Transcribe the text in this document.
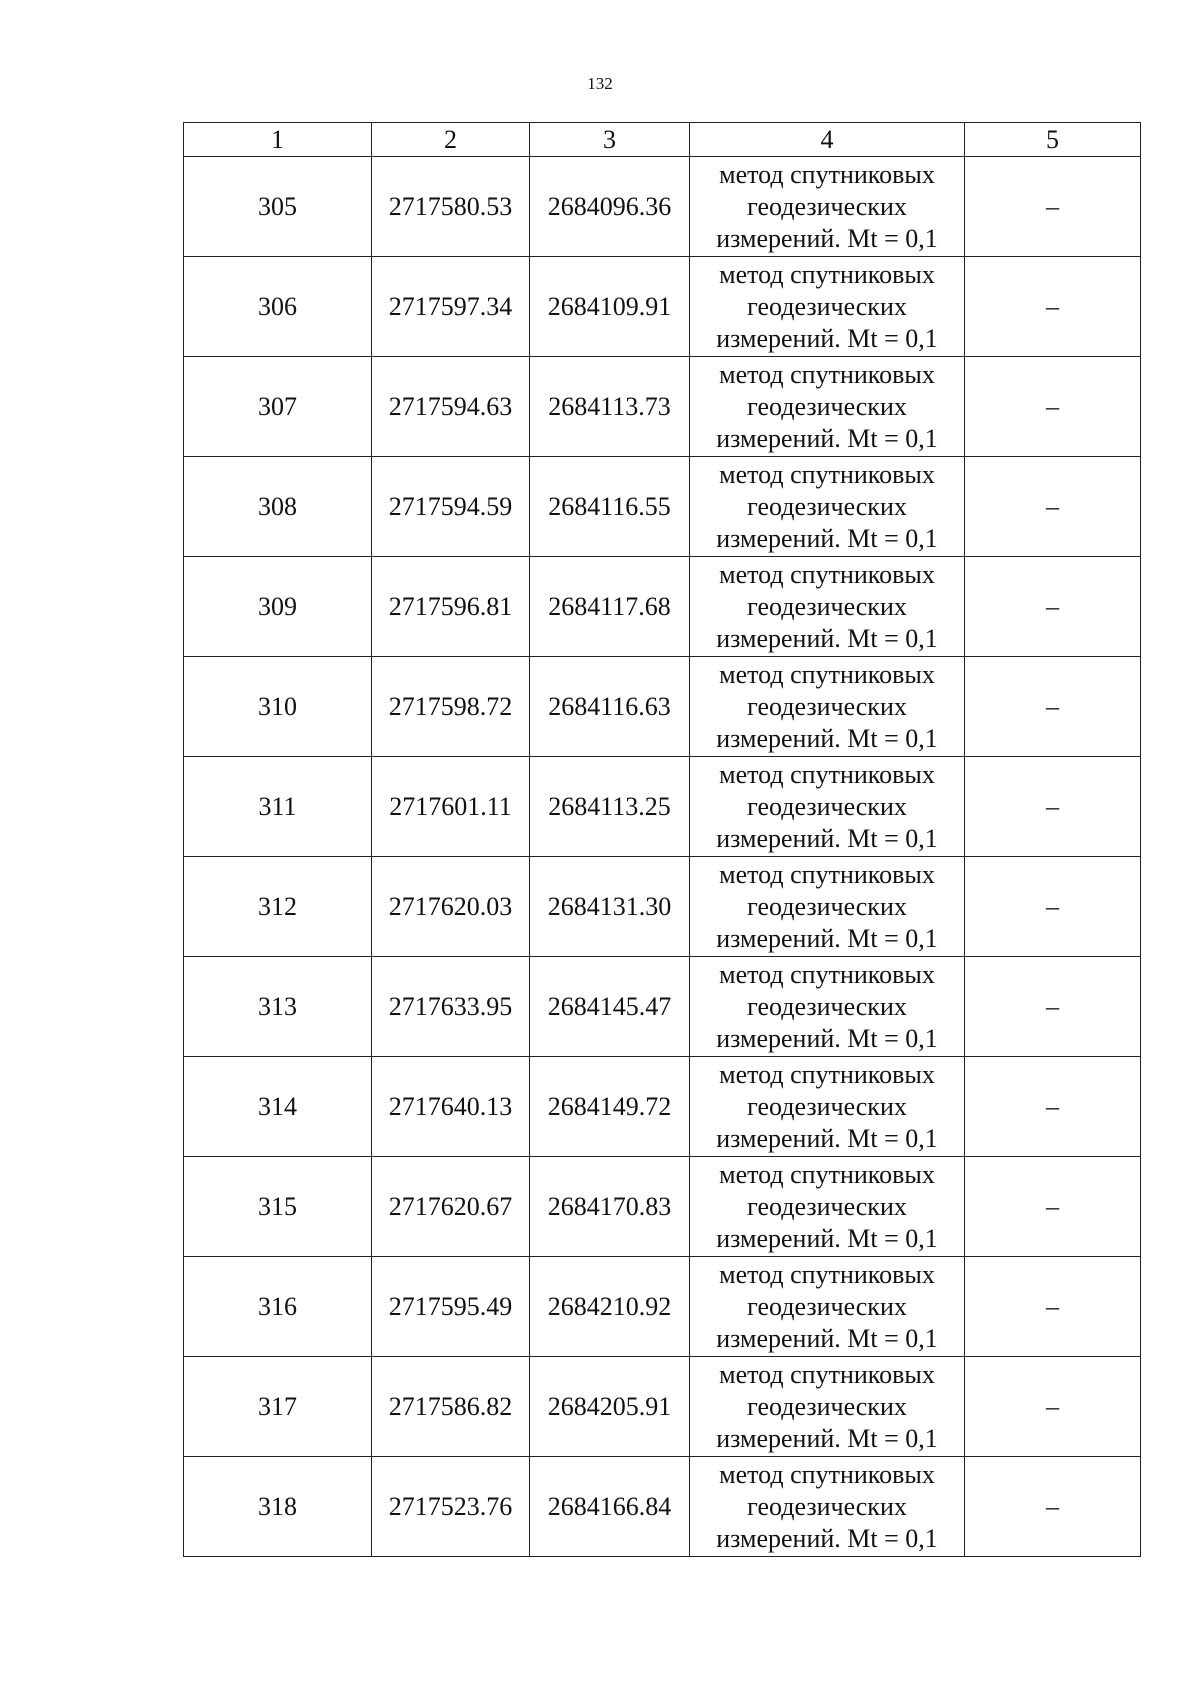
132
1	2	3	4	5
305	2717580.53	2684096.36	метод спутниковых
геодезических
измерений. Mt = 0,1	–
306	2717597.34	2684109.91	метод спутниковых
геодезических
измерений. Mt = 0,1	–
307	2717594.63	2684113.73	метод спутниковых
геодезических
измерений. Mt = 0,1	–
308	2717594.59	2684116.55	метод спутниковых
геодезических
измерений. Mt = 0,1	–
309	2717596.81	2684117.68	метод спутниковых
геодезических
измерений. Mt = 0,1	–
310	2717598.72	2684116.63	метод спутниковых
геодезических
измерений. Mt = 0,1	–
311	2717601.11	2684113.25	метод спутниковых
геодезических
измерений. Mt = 0,1	–
312	2717620.03	2684131.30	метод спутниковых
геодезических
измерений. Mt = 0,1	–
313	2717633.95	2684145.47	метод спутниковых
геодезических
измерений. Mt = 0,1	–
314	2717640.13	2684149.72	метод спутниковых
геодезических
измерений. Mt = 0,1	–
315	2717620.67	2684170.83	метод спутниковых
геодезических
измерений. Mt = 0,1	–
316	2717595.49	2684210.92	метод спутниковых
геодезических
измерений. Mt = 0,1	–
317	2717586.82	2684205.91	метод спутниковых
геодезических
измерений. Mt = 0,1	–
318	2717523.76	2684166.84	метод спутниковых
геодезических
измерений. Mt = 0,1	–
